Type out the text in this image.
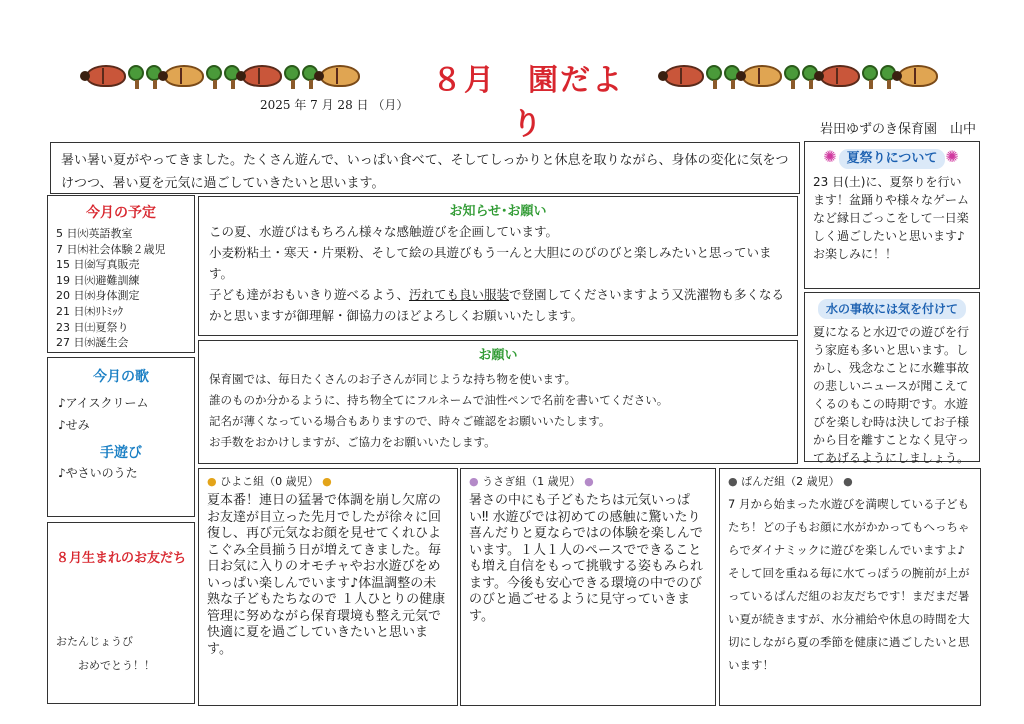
８月　園だより
2025 年 7 月 28 日 （月）
岩田ゆずのき保育園　山中

暑い暑い夏がやってきました。たくさん遊んで、いっぱい食べて、そしてしっかりと休息を取りながら、身体の変化に気をつけつつ、暑い夏を元気に過ごしていきたいと思います。

今月の予定
5 日㈫英語教室
7 日㈭社会体験２歳児
15 日㈮写真販売
19 日㈫避難訓練
20 日㈬身体測定
21 日㈭ﾘﾄﾐｯｸ
23 日㈯夏祭り
27 日㈬誕生会
今月の歌

♪アイスクリーム

♪せみ

手遊び

♪やさいのうた

８月生まれのお友だち
おたんじょうび
おめでとう！！
お知らせ･お願い

この夏、水遊びはもちろん様々な感触遊びを企画しています。

小麦粉粘土・寒天・片栗粉、そして絵の具遊びもう一んと大胆にのびのびと楽しみたいと思っています。

子ども達がおもいきり遊べるよう、汚れても良い服装で登園してくださいますよう又洗濯物も多くなるかと思いますが御理解・御協力のほどよろしくお願いいたします。

お願い

保育園では、毎日たくさんのお子さんが同じような持ち物を使います。

誰のものか分かるように、持ち物全てにフルネームで油性ペンで名前を書いてください。

記名が薄くなっている場合もありますので、時々ご確認をお願いいたします。

お手数をおかけしますが、ご協力をお願いいたします。

✺ 夏祭りについて ✺

23 日(土)に、夏祭りを行います！盆踊りや様々なゲームなど縁日ごっこをして一日楽しく過ごしたいと思います♪お楽しみに！！

水の事故には気を付けて

夏になると水辺での遊びを行う家庭も多いと思います。しかし、残念なことに水難事故の悲しいニュースが聞こえてくるのもこの時期です。水遊びを楽しむ時は決してお子様から目を離すことなく見守ってあげるようにしましょう。

● ひよこ組（0 歳児） ●

夏本番！連日の猛暑で体調を崩し欠席のお友達が目立った先月でしたが徐々に回復し、再び元気なお顔を見せてくれひよこぐみ全員揃う日が増えてきました。毎日お気に入りのオモチャやお水遊びをめいっぱい楽しんでいます♪体温調整の未熟な子どもたちなので １人ひとりの健康管理に努めながら保育環境も整え元気で快適に夏を過ごしていきたいと思います。

● うさぎ組（1 歳児） ●

暑さの中にも子どもたちは元気いっぱい‼ 水遊びでは初めての感触に驚いたり喜んだりと夏ならではの体験を楽しんでいます。１人１人のペースでできることも増え自信をもって挑戦する姿もみられます。今後も安心できる環境の中でのびのびと過ごせるように見守っていきます。

● ぱんだ組（2 歳児） ●

7 月から始まった水遊びを満喫している子どもたち！どの子もお顔に水がかかってもへっちゃらでダイナミックに遊びを楽しんでいますよ♪そして回を重ねる毎に水てっぽうの腕前が上がっているぱんだ組のお友だちです！まだまだ暑い夏が続きますが、水分補給や休息の時間を大切にしながら夏の季節を健康に過ごしたいと思います！
